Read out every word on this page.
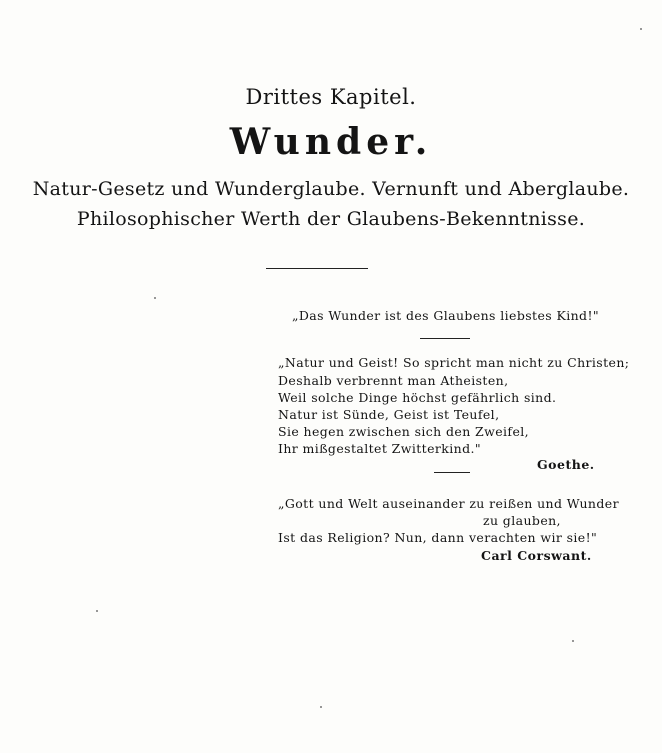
Drittes Kapitel.
Wunder.
Natur-Gesetz und Wunderglaube. Vernunft und Aberglaube.
Philosophischer Werth der Glaubens-Bekenntnisse.
„Das Wunder ist des Glaubens liebstes Kind!"
„Natur und Geist! So spricht man nicht zu Christen;
Deshalb verbrennt man Atheisten,
Weil solche Dinge höchst gefährlich sind.
Natur ist Sünde, Geist ist Teufel,
Sie hegen zwischen sich den Zweifel,
Ihr mißgestaltet Zwitterkind."
Goethe.
„Gott und Welt auseinander zu reißen und Wunder
zu glauben,
Ist das Religion? Nun, dann verachten wir sie!"
Carl Corswant.
